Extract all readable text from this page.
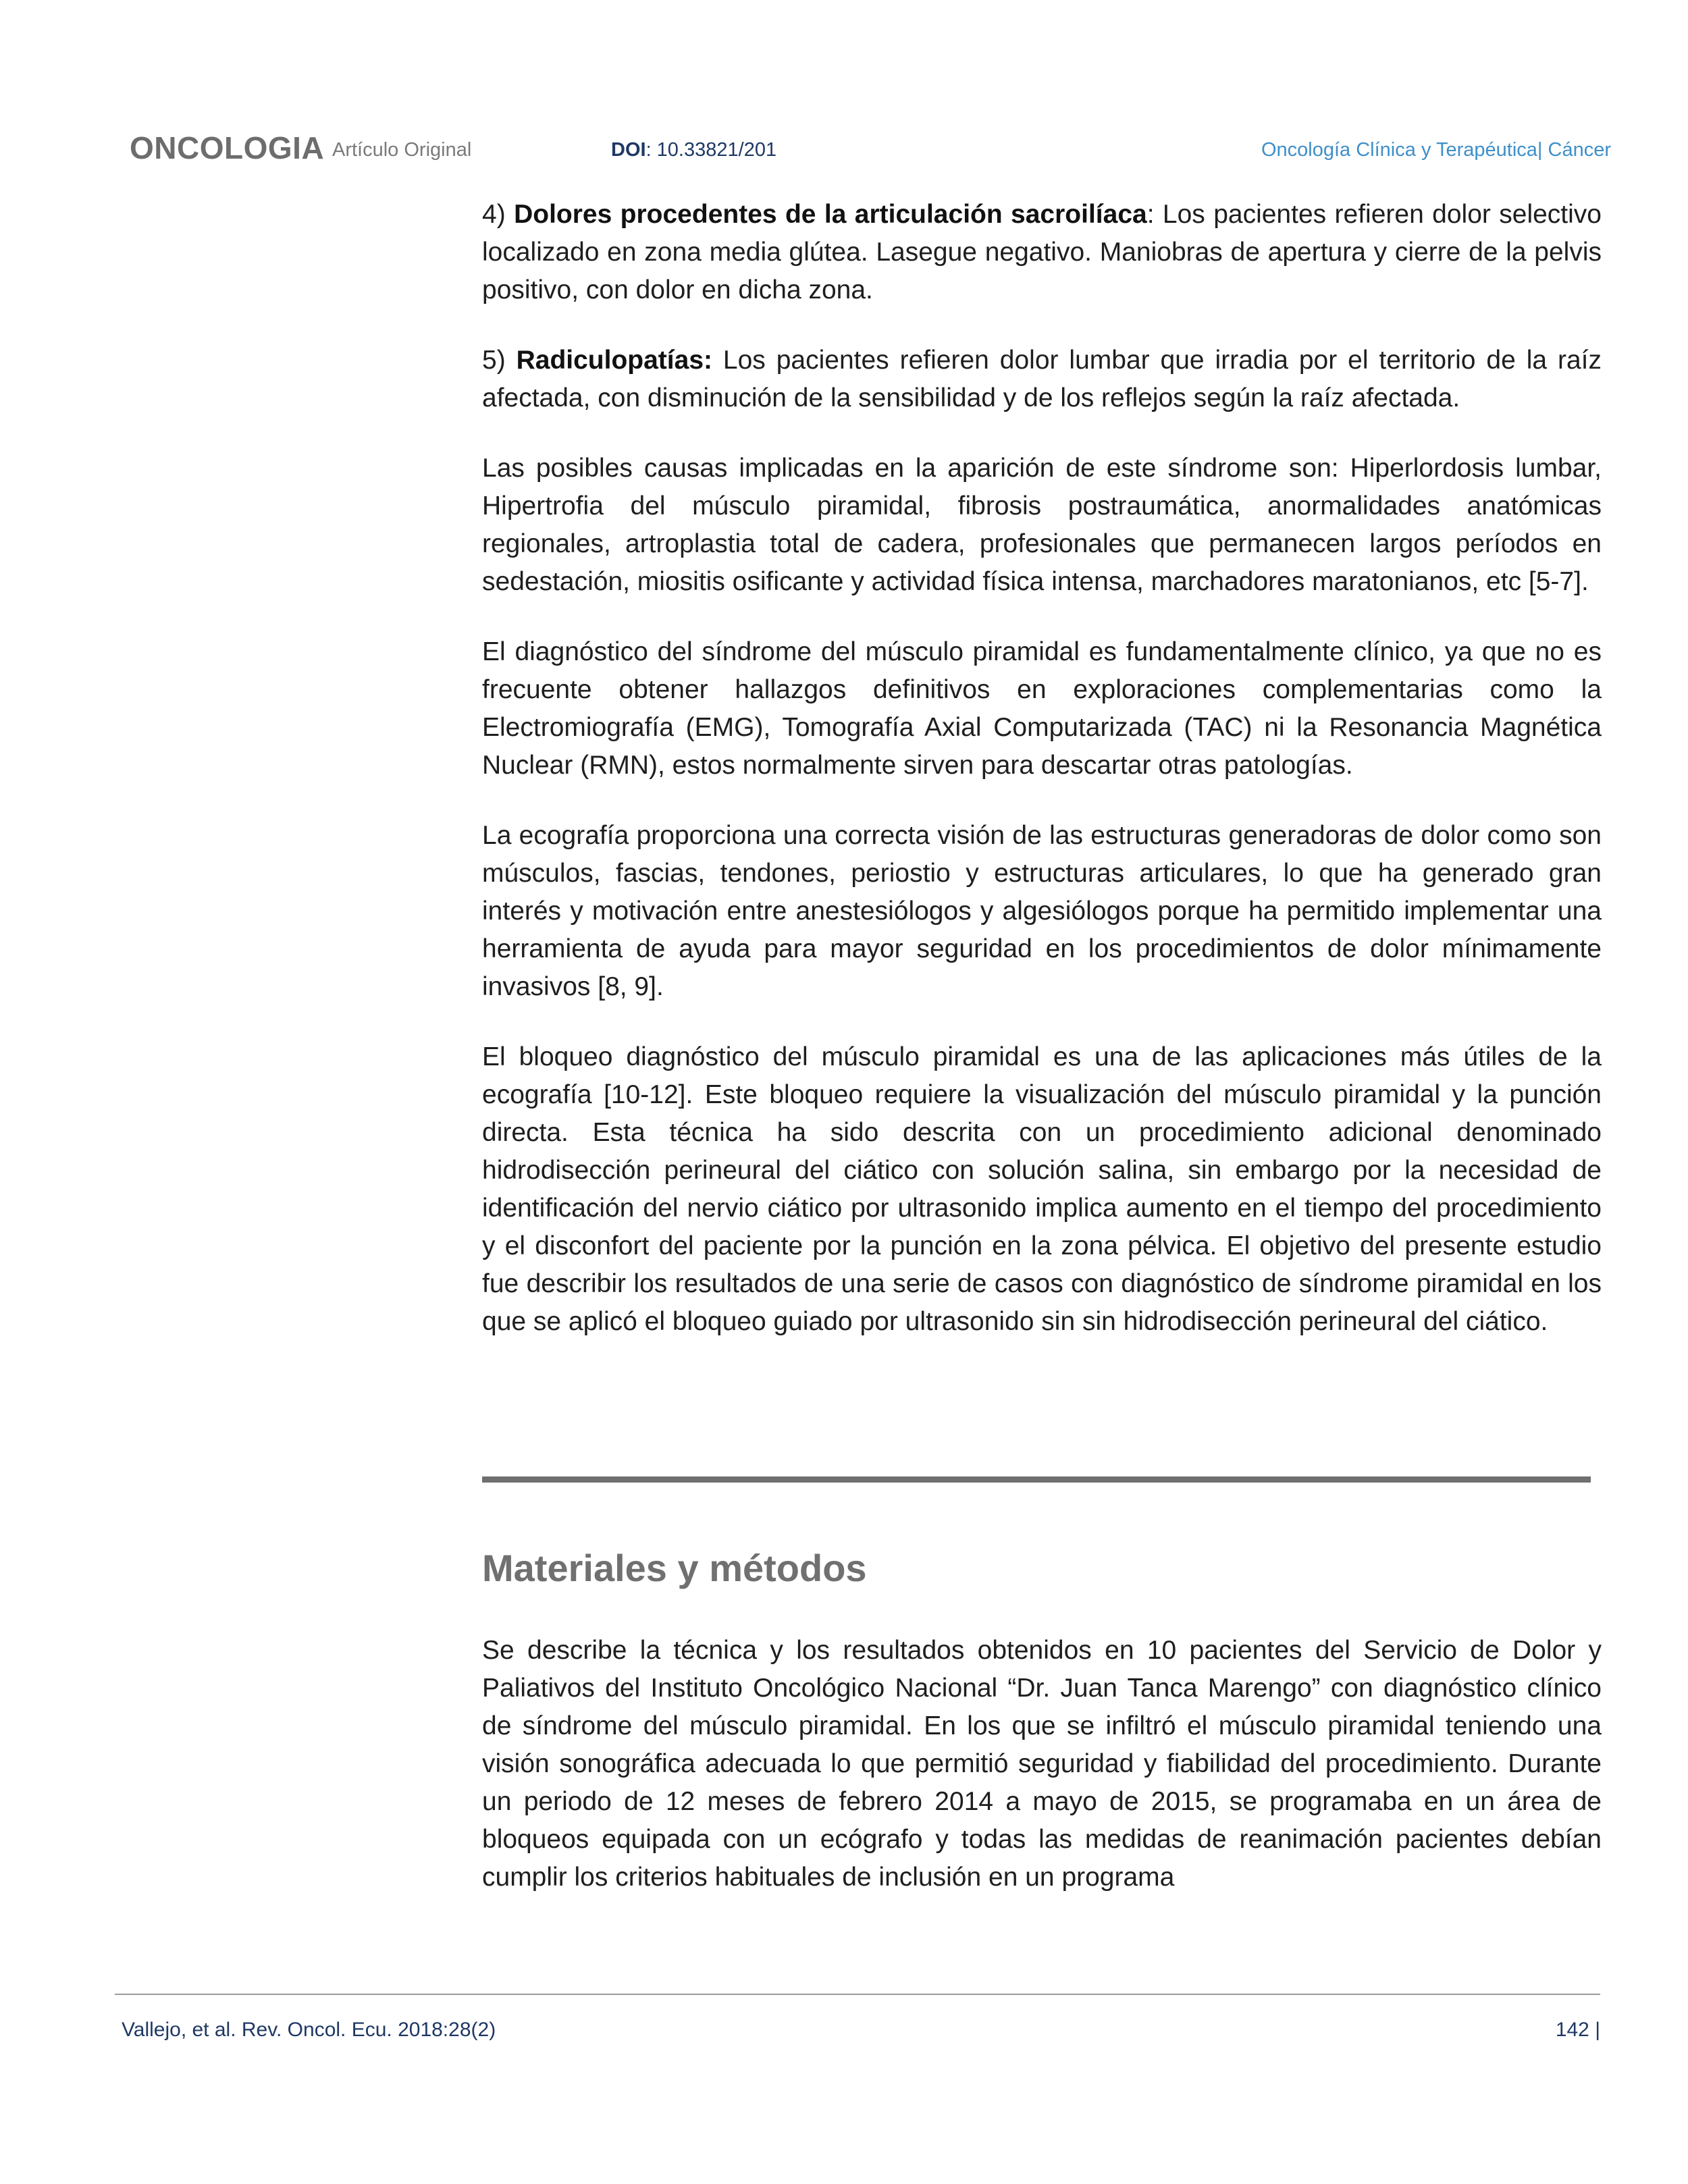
ONCOLOGIA Artículo Original	DOI: 10.33821/201	Oncología Clínica y Terapéutica| Cáncer

4) Dolores procedentes de la articulación sacroilíaca: Los pacientes refieren dolor selectivo localizado en zona media glútea. Lasegue negativo. Maniobras de apertura y cierre de la pelvis positivo, con dolor en dicha zona.

5) Radiculopatías: Los pacientes refieren dolor lumbar que irradia por el territorio de la raíz afectada, con disminución de la sensibilidad y de los reflejos según la raíz afectada.

Las posibles causas implicadas en la aparición de este síndrome son: Hiperlordosis lumbar, Hipertrofia del músculo piramidal, fibrosis postraumática, anormalidades anatómicas regionales, artroplastia total de cadera, profesionales que permanecen largos períodos en sedestación, miositis osificante y actividad física intensa, marchadores maratonianos, etc [5-7].

El diagnóstico del síndrome del músculo piramidal es fundamentalmente clínico, ya que no es frecuente obtener hallazgos definitivos en exploraciones complementarias como la Electromiografía (EMG), Tomografía Axial Computarizada (TAC) ni la Resonancia Magnética Nuclear (RMN), estos normalmente sirven para descartar otras patologías.

La ecografía proporciona una correcta visión de las estructuras generadoras de dolor como son músculos, fascias, tendones, periostio y estructuras articulares, lo que ha generado gran interés y motivación entre anestesiólogos y algesiólogos porque ha permitido implementar una herramienta de ayuda para mayor seguridad en los procedimientos de dolor mínimamente invasivos [8, 9].

El bloqueo diagnóstico del músculo piramidal es una de las aplicaciones más útiles de la ecografía [10-12]. Este bloqueo requiere la visualización del músculo piramidal y la punción directa. Esta técnica ha sido descrita con un procedimiento adicional denominado hidrodisección perineural del ciático con solución salina, sin embargo por la necesidad de identificación del nervio ciático por ultrasonido implica aumento en el tiempo del procedimiento y el disconfort del paciente por la punción en la zona pélvica. El objetivo del presente estudio fue describir los resultados de una serie de casos con diagnóstico de síndrome piramidal en los que se aplicó el bloqueo guiado por ultrasonido sin sin hidrodisección perineural del ciático.

Materiales y métodos

Se describe la técnica y los resultados obtenidos en 10 pacientes del Servicio de Dolor y Paliativos del Instituto Oncológico Nacional “Dr. Juan Tanca Marengo” con diagnóstico clínico de síndrome del músculo piramidal. En los que se infiltró el músculo piramidal teniendo una visión sonográfica adecuada lo que permitió seguridad y fiabilidad del procedimiento. Durante un periodo de 12 meses de febrero 2014 a mayo de 2015, se programaba en un área de bloqueos equipada con un ecógrafo y todas las medidas de reanimación pacientes debían cumplir los criterios habituales de inclusión en un programa

Vallejo, et al. Rev. Oncol. Ecu. 2018:28(2)	142 |
